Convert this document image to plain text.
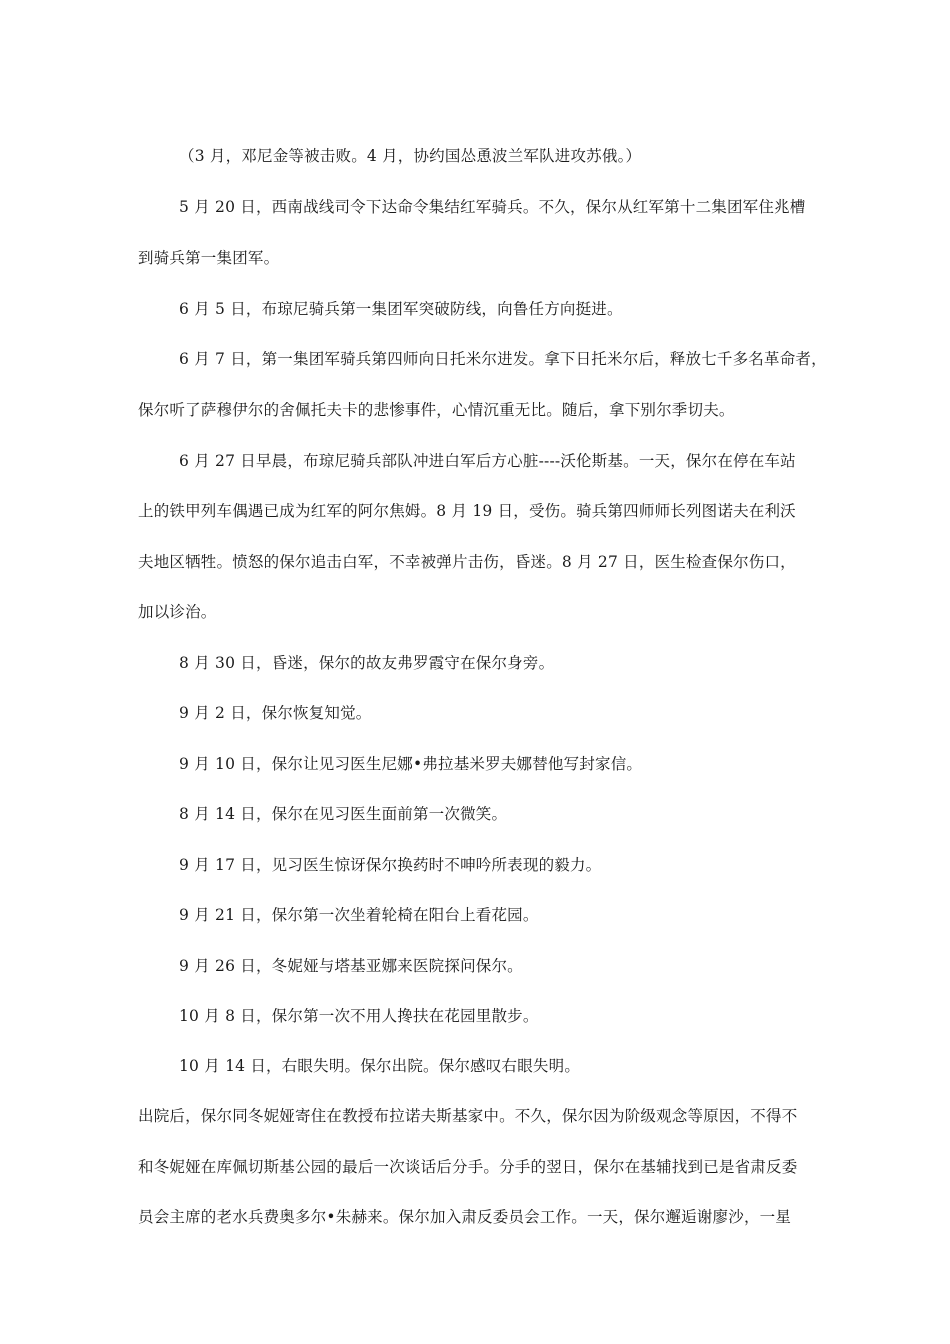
（3 月，邓尼金等被击败。4 月，协约国怂恿波兰军队进攻苏俄。）
5 月 20 日，西南战线司令下达命令集结红军骑兵。不久，保尔从红军第十二集团军住兆槽
到骑兵第一集团军。
6 月 5 日，布琼尼骑兵第一集团军突破防线，向鲁任方向挺进。
6 月 7 日，第一集团军骑兵第四师向日托米尔进发。拿下日托米尔后，释放七千多名革命者，
保尔听了萨穆伊尔的舍佩托夫卡的悲惨事件，心情沉重无比。随后，拿下别尔季切夫。
6 月 27 日早晨，布琼尼骑兵部队冲进白军后方心脏----沃伦斯基。一天，保尔在停在车站
上的铁甲列车偶遇已成为红军的阿尔焦姆。8 月 19 日，受伤。骑兵第四师师长列图诺夫在利沃
夫地区牺牲。愤怒的保尔追击白军，不幸被弹片击伤，昏迷。8 月 27 日，医生检查保尔伤口，
加以诊治。
8 月 30 日，昏迷，保尔的故友弗罗霞守在保尔身旁。
9 月 2 日，保尔恢复知觉。
9 月 10 日，保尔让见习医生尼娜•弗拉基米罗夫娜替他写封家信。
8 月 14 日，保尔在见习医生面前第一次微笑。
9 月 17 日，见习医生惊讶保尔换药时不呻吟所表现的毅力。
9 月 21 日，保尔第一次坐着轮椅在阳台上看花园。
9 月 26 日，冬妮娅与塔基亚娜来医院探问保尔。
10 月 8 日，保尔第一次不用人搀扶在花园里散步。
10 月 14 日，右眼失明。保尔出院。保尔感叹右眼失明。
出院后，保尔同冬妮娅寄住在教授布拉诺夫斯基家中。不久，保尔因为阶级观念等原因，不得不
和冬妮娅在库佩切斯基公园的最后一次谈话后分手。分手的翌日，保尔在基辅找到已是省肃反委
员会主席的老水兵费奥多尔•朱赫来。保尔加入肃反委员会工作。一天，保尔邂逅谢廖沙，一星
